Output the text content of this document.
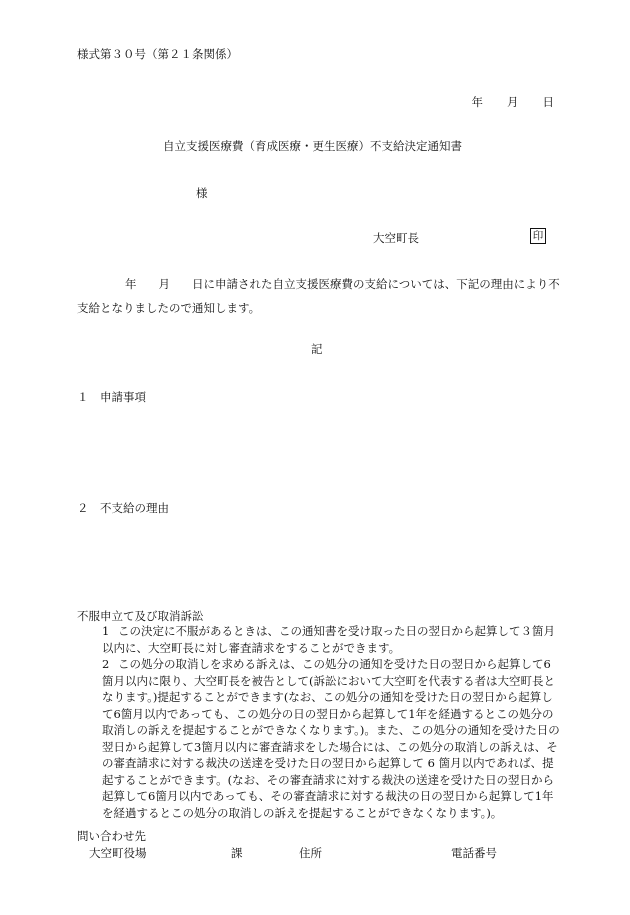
様式第３０号（第２１条関係）
年 月 日
自立支援医療費（育成医療・更生医療）不支給決定通知書
様
大空町長	印
年 月 日に申請された自立支援医療費の支給については、下記の理由により不支給となりましたので通知します。
記
１　申請事項
２　不支給の理由
不服申立て及び取消訴訟
1 この決定に不服があるときは、この通知書を受け取った日の翌日から起算して３箇月以内に、大空町長に対し審査請求をすることができます。
2 この処分の取消しを求める訴えは、この処分の通知を受けた日の翌日から起算して6箇月以内に限り、大空町長を被告として(訴訟において大空町を代表する者は大空町長となります。)提起することができます(なお、この処分の通知を受けた日の翌日から起算して6箇月以内であっても、この処分の日の翌日から起算して1年を経過するとこの処分の取消しの訴えを提起することができなくなります。)。また、この処分の通知を受けた日の翌日から起算して3箇月以内に審査請求をした場合には、この処分の取消しの訴えは、その審査請求に対する裁決の送達を受けた日の翌日から起算して 6 箇月以内であれば、提起することができます。(なお、その審査請求に対する裁決の送達を受けた日の翌日から起算して6箇月以内であっても、その審査請求に対する裁決の日の翌日から起算して1年を経過するとこの処分の取消しの訴えを提起することができなくなります。)。
問い合わせ先
大空町役場	課	住所	電話番号
